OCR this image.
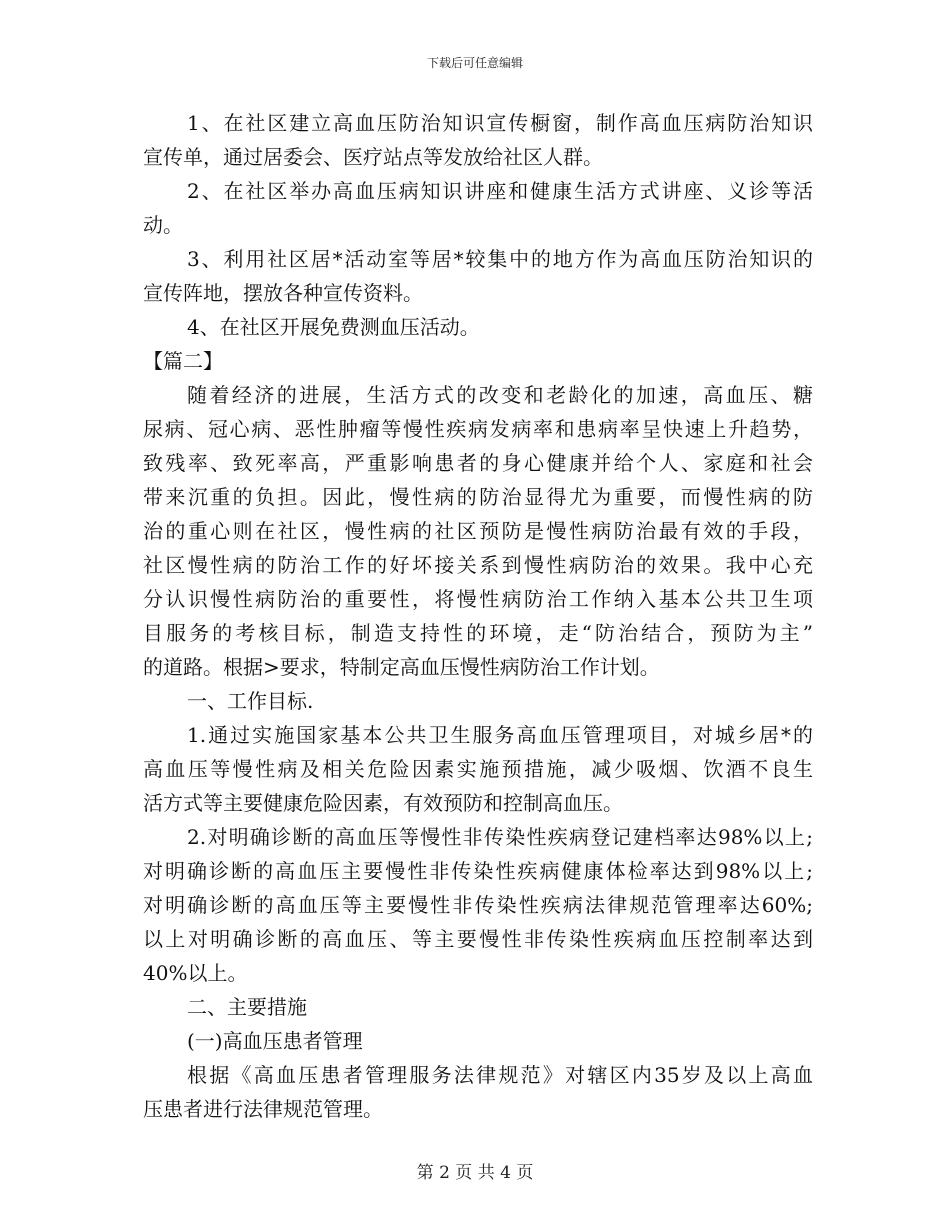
下载后可任意编辑
1、在社区建立高血压防治知识宣传橱窗，制作高血压病防治知识
宣传单，通过居委会、医疗站点等发放给社区人群。
2、在社区举办高血压病知识讲座和健康生活方式讲座、义诊等活
动。
3、利用社区居*活动室等居*较集中的地方作为高血压防治知识的
宣传阵地，摆放各种宣传资料。
4、在社区开展免费测血压活动。
【篇二】
随着经济的进展，生活方式的改变和老龄化的加速，高血压、糖
尿病、冠心病、恶性肿瘤等慢性疾病发病率和患病率呈快速上升趋势，
致残率、致死率高，严重影响患者的身心健康并给个人、家庭和社会
带来沉重的负担。因此，慢性病的防治显得尤为重要，而慢性病的防
治的重心则在社区，慢性病的社区预防是慢性病防治最有效的手段，
社区慢性病的防治工作的好坏接关系到慢性病防治的效果。我中心充
分认识慢性病防治的重要性，将慢性病防治工作纳入基本公共卫生项
目服务的考核目标，制造支持性的环境，走“防治结合，预防为主”
的道路。根据>要求，特制定高血压慢性病防治工作计划。
一、工作目标.
1.通过实施国家基本公共卫生服务高血压管理项目，对城乡居*的
高血压等慢性病及相关危险因素实施预措施，减少吸烟、饮酒不良生
活方式等主要健康危险因素，有效预防和控制高血压。
2.对明确诊断的高血压等慢性非传染性疾病登记建档率达98%以上;
对明确诊断的高血压主要慢性非传染性疾病健康体检率达到98%以上;
对明确诊断的高血压等主要慢性非传染性疾病法律规范管理率达60%;
以上对明确诊断的高血压、等主要慢性非传染性疾病血压控制率达到
40%以上。
二、主要措施
(一)高血压患者管理
根据《高血压患者管理服务法律规范》对辖区内35岁及以上高血
压患者进行法律规范管理。
第 2 页 共 4 页
